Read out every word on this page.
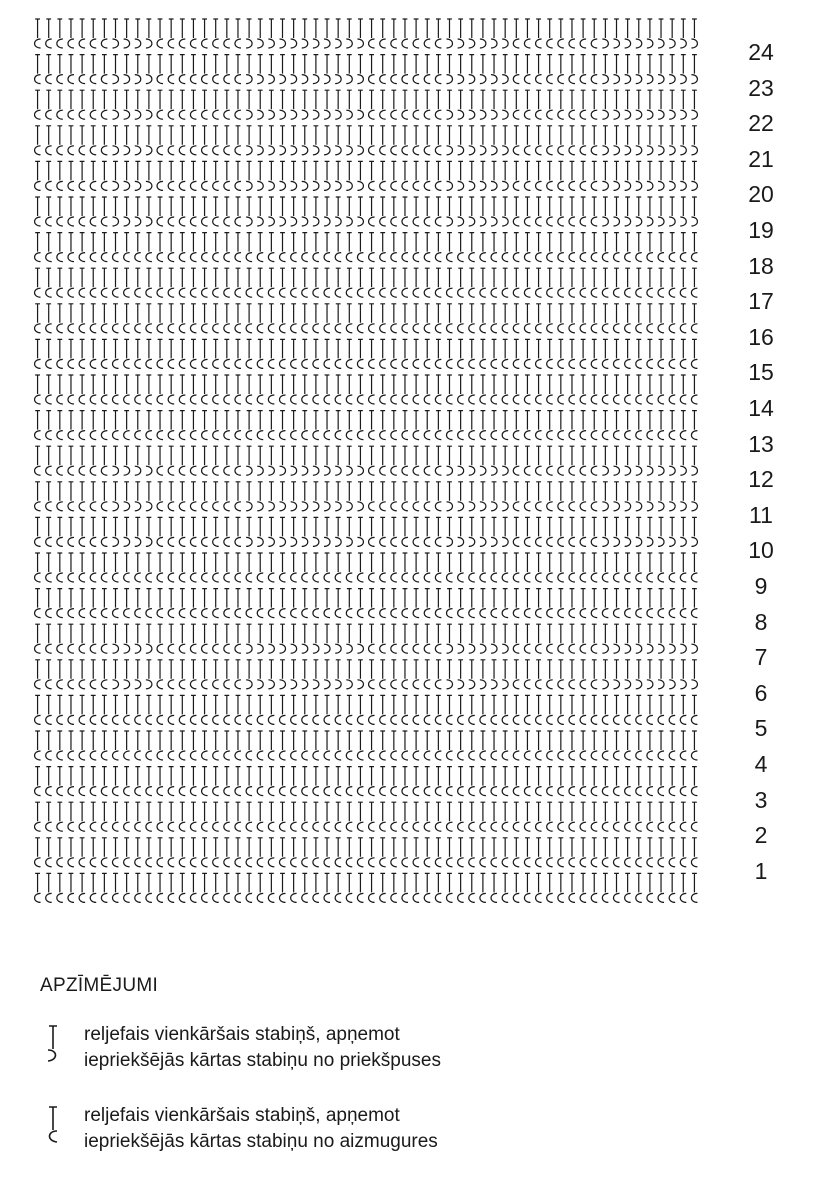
24
23
22
21
20
19
18
17
16
15
14
13
12
11
10
9
8
7
6
5
4
3
2
1
APZĪMĒJUMI
reljefais vienkāršais stabiņš, apņemot
iepriekšējās kārtas stabiņu no priekšpuses
reljefais vienkāršais stabiņš, apņemot
iepriekšējās kārtas stabiņu no aizmugures
